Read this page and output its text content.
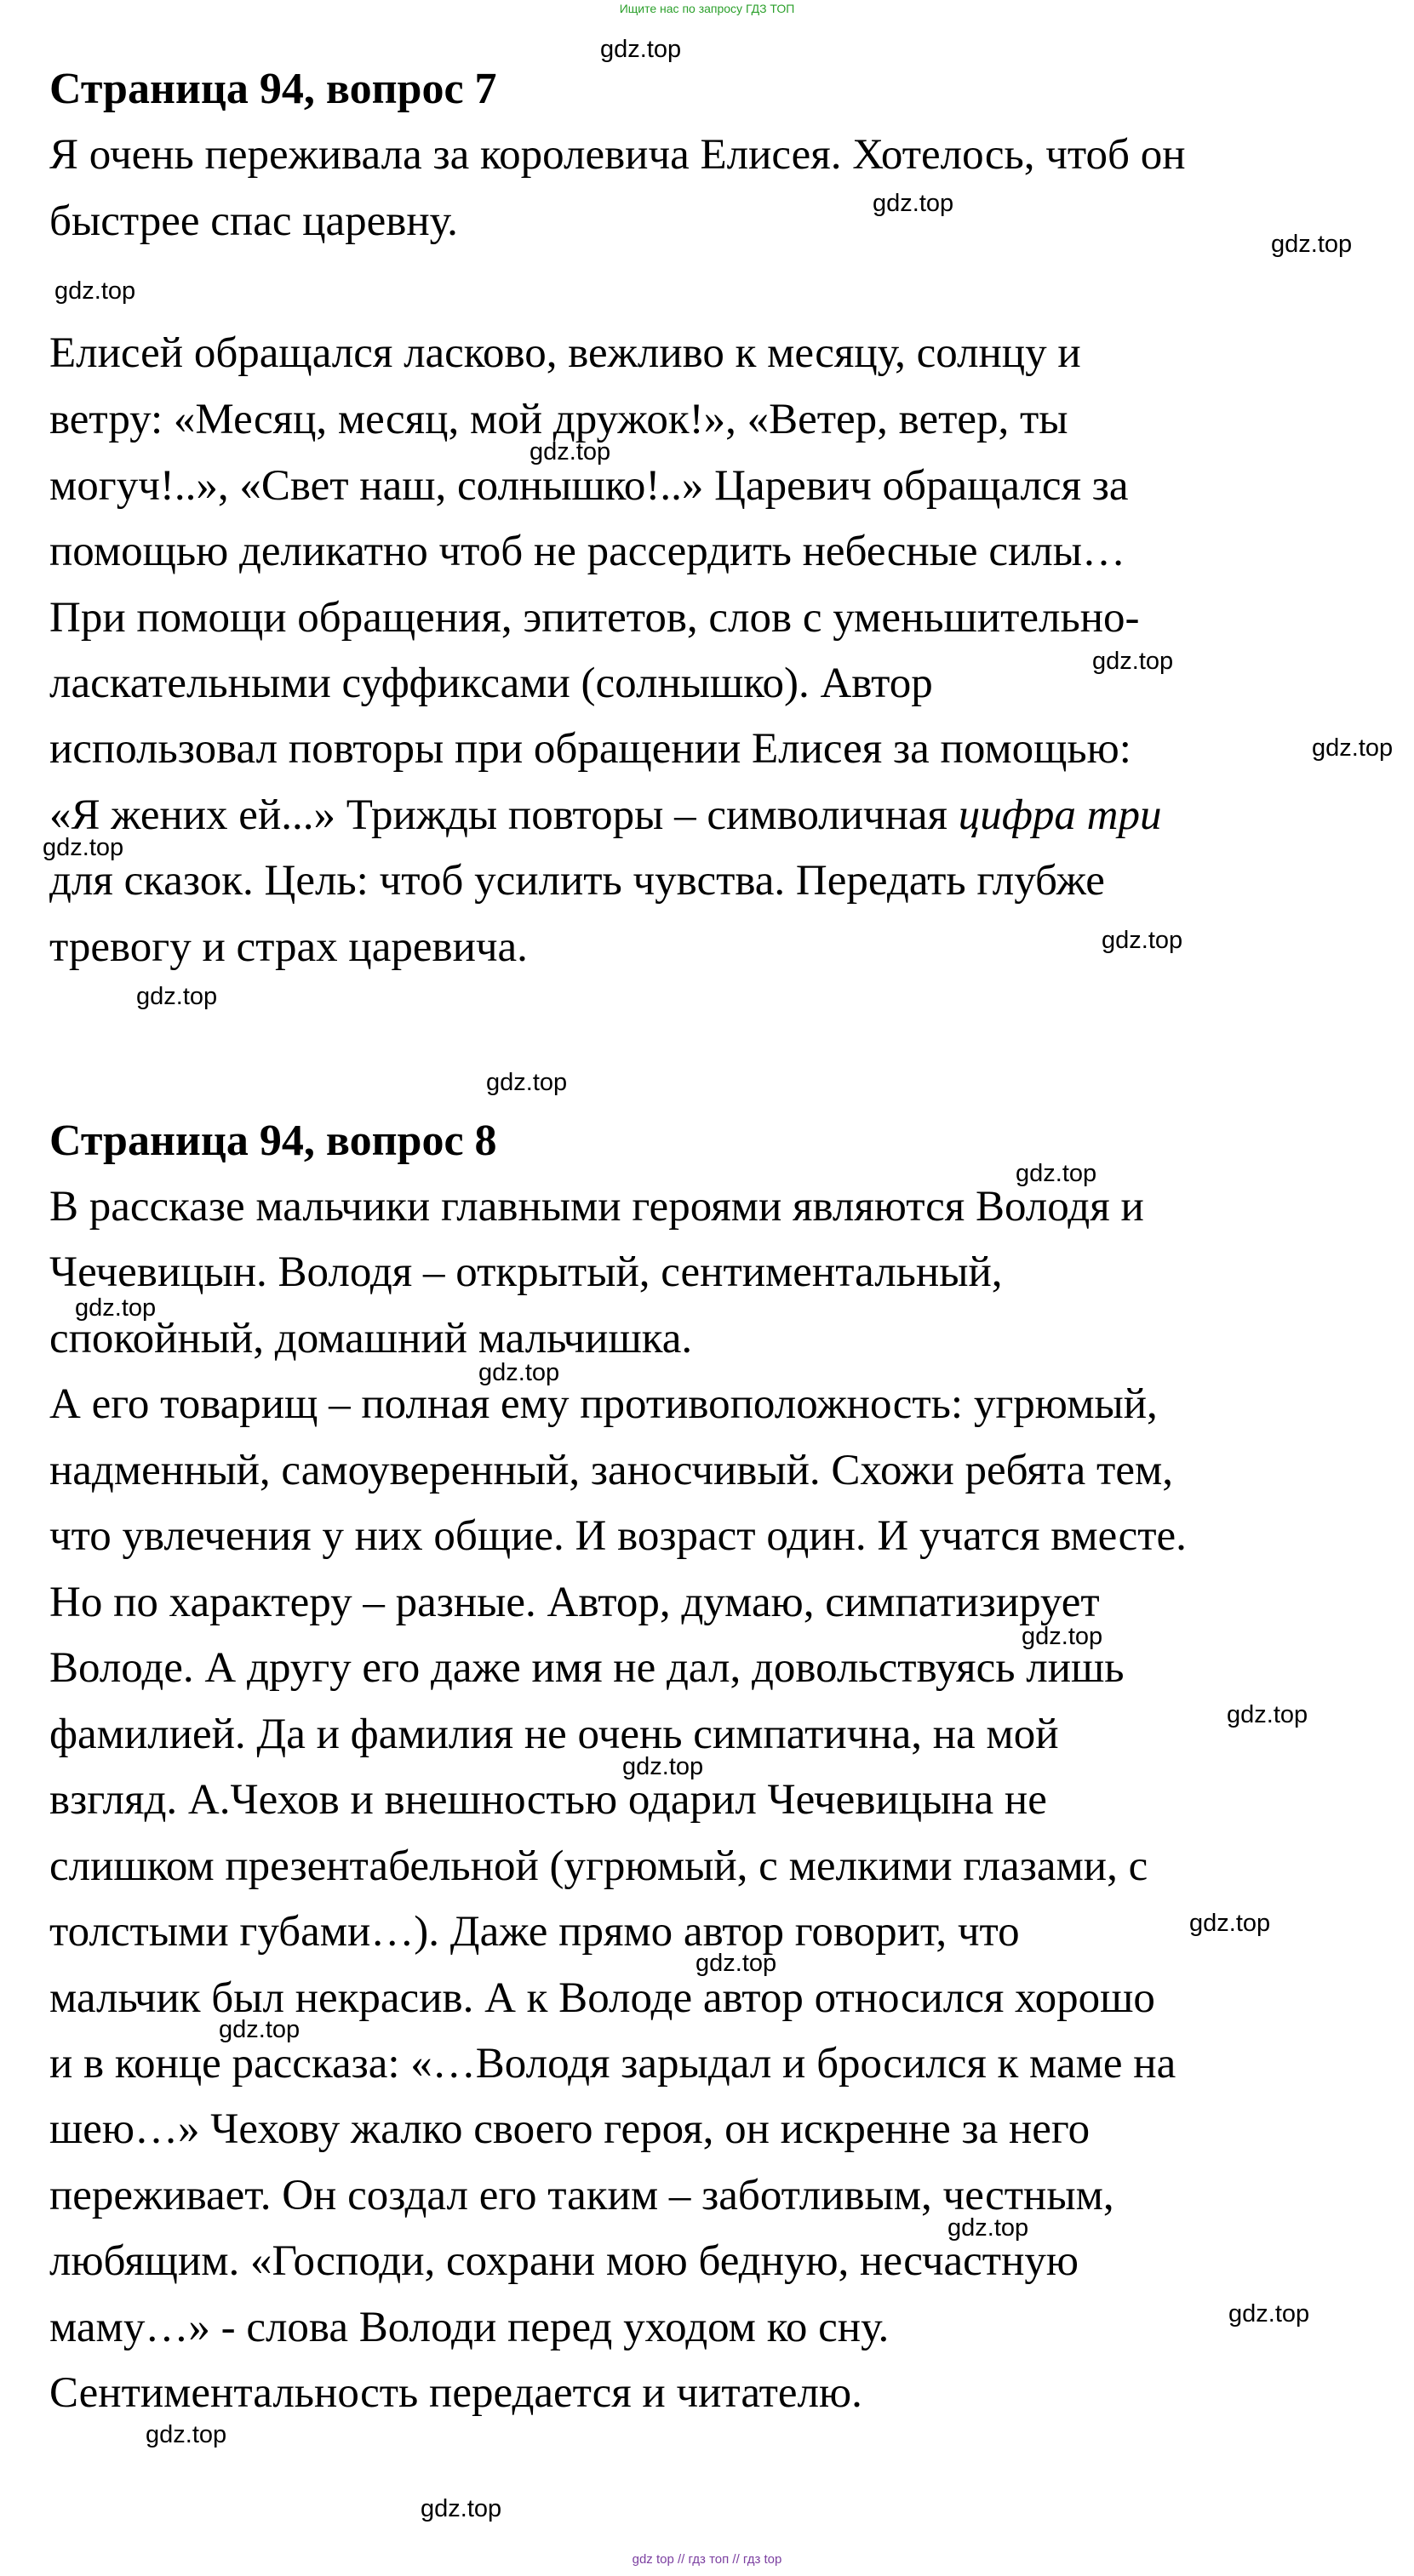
Ищите нас по запросу ГДЗ ТОП
Страница 94, вопрос 7

Я очень переживала за королевича Елисея. Хотелось, чтоб он

быстрее спас царевну.

Елисей обращался ласково, вежливо к месяцу, солнцу и

ветру: «Месяц, месяц, мой дружок!», «Ветер, ветер, ты

могуч!..», «Свет наш, солнышко!..» Царевич обращался за

помощью деликатно чтоб не рассердить небесные силы…

При помощи обращения, эпитетов, слов с уменьшительно-

ласкательными суффиксами (солнышко). Автор

использовал повторы при обращении Елисея за помощью:

«Я жених ей...» Трижды повторы – символичная цифра три

для сказок. Цель: чтоб усилить чувства. Передать глубже

тревогу и страх царевича.

Страница 94, вопрос 8

В рассказе мальчики главными героями являются Володя и

Чечевицын. Володя – открытый, сентиментальный,

спокойный, домашний мальчишка.

А его товарищ – полная ему противоположность: угрюмый,

надменный, самоуверенный, заносчивый. Схожи ребята тем,

что увлечения у них общие. И возраст один. И учатся вместе.

Но по характеру – разные. Автор, думаю, симпатизирует

Володе. А другу его даже имя не дал, довольствуясь лишь

фамилией. Да и фамилия не очень симпатична, на мой

взгляд. А.Чехов и внешностью одарил Чечевицына не

слишком презентабельной (угрюмый, с мелкими глазами, с

толстыми губами…). Даже прямо автор говорит, что

мальчик был некрасив. А к Володе автор относился хорошо

и в конце рассказа: «…Володя зарыдал и бросился к маме на

шею…» Чехову жалко своего героя, он искренне за него

переживает. Он создал его таким – заботливым, честным,

любящим. «Господи, сохрани мою бедную, несчастную

маму…» - слова Володи перед уходом ко сну.

Сентиментальность передается и читателю.

gdz.top
gdz.top
gdz.top
gdz.top
gdz.top
gdz.top
gdz.top
gdz.top
gdz.top
gdz.top
gdz.top
gdz.top
gdz.top
gdz.top
gdz.top
gdz.top
gdz.top
gdz.top
gdz.top
gdz.top
gdz.top
gdz.top
gdz.top
gdz.top
gdz top // гдз топ // гдз top
